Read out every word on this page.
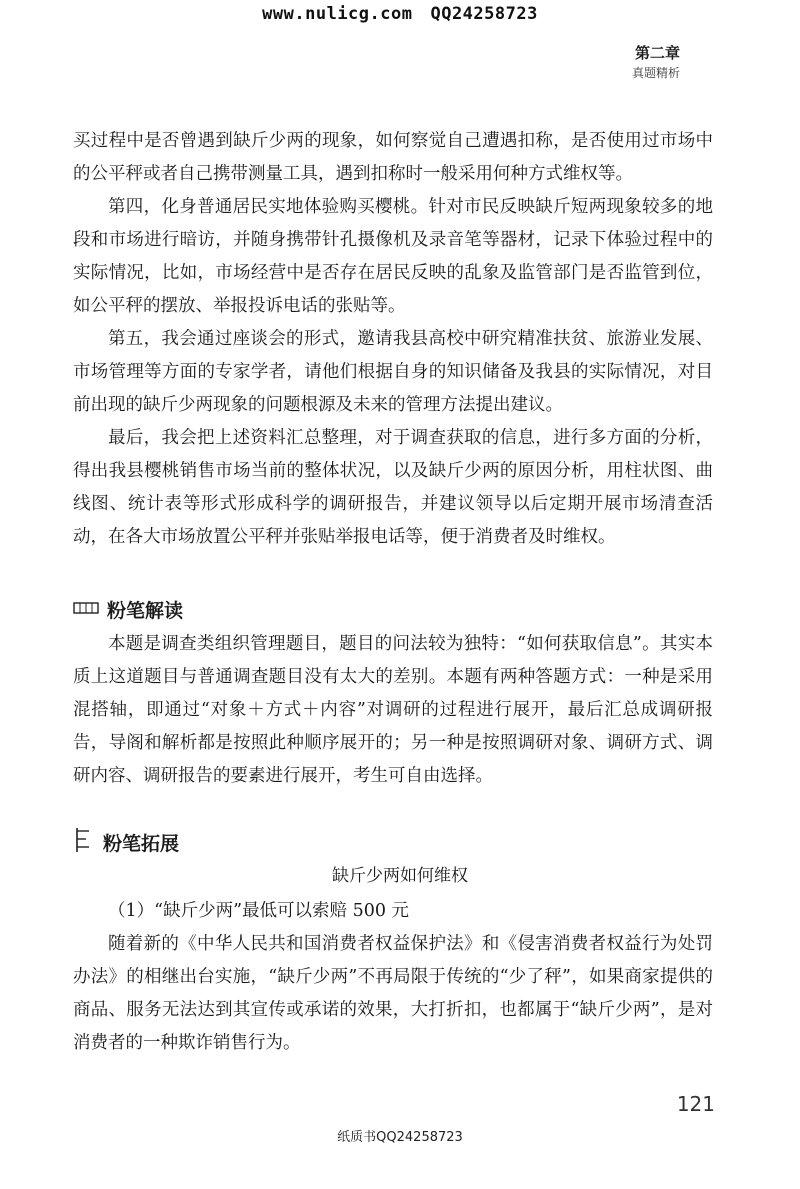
www.nulicg.com QQ24258723
第二章
真题精析

买过程中是否曾遇到缺斤少两的现象，如何察觉自己遭遇扣称，是否使用过市场中的公平秤或者自己携带测量工具，遇到扣称时一般采用何种方式维权等。

第四，化身普通居民实地体验购买樱桃。针对市民反映缺斤短两现象较多的地段和市场进行暗访，并随身携带针孔摄像机及录音笔等器材，记录下体验过程中的实际情况，比如，市场经营中是否存在居民反映的乱象及监管部门是否监管到位，如公平秤的摆放、举报投诉电话的张贴等。

第五，我会通过座谈会的形式，邀请我县高校中研究精准扶贫、旅游业发展、市场管理等方面的专家学者，请他们根据自身的知识储备及我县的实际情况，对目前出现的缺斤少两现象的问题根源及未来的管理方法提出建议。

最后，我会把上述资料汇总整理，对于调查获取的信息，进行多方面的分析，得出我县樱桃销售市场当前的整体状况，以及缺斤少两的原因分析，用柱状图、曲线图、统计表等形式形成科学的调研报告，并建议领导以后定期开展市场清查活动，在各大市场放置公平秤并张贴举报电话等，便于消费者及时维权。

粉笔解读

本题是调查类组织管理题目，题目的问法较为独特：“如何获取信息”。其实本质上这道题目与普通调查题目没有太大的差别。本题有两种答题方式：一种是采用混搭轴，即通过“对象＋方式＋内容”对调研的过程进行展开，最后汇总成调研报告，导阁和解析都是按照此种顺序展开的；另一种是按照调研对象、调研方式、调研内容、调研报告的要素进行展开，考生可自由选择。

粉笔拓展
缺斤少两如何维权

（1）“缺斤少两”最低可以索赔 500 元

随着新的《中华人民共和国消费者权益保护法》和《侵害消费者权益行为处罚办法》的相继出台实施，“缺斤少两”不再局限于传统的“少了秤”，如果商家提供的商品、服务无法达到其宣传或承诺的效果，大打折扣，也都属于“缺斤少两”，是对消费者的一种欺诈销售行为。

121
纸质书QQ24258723
